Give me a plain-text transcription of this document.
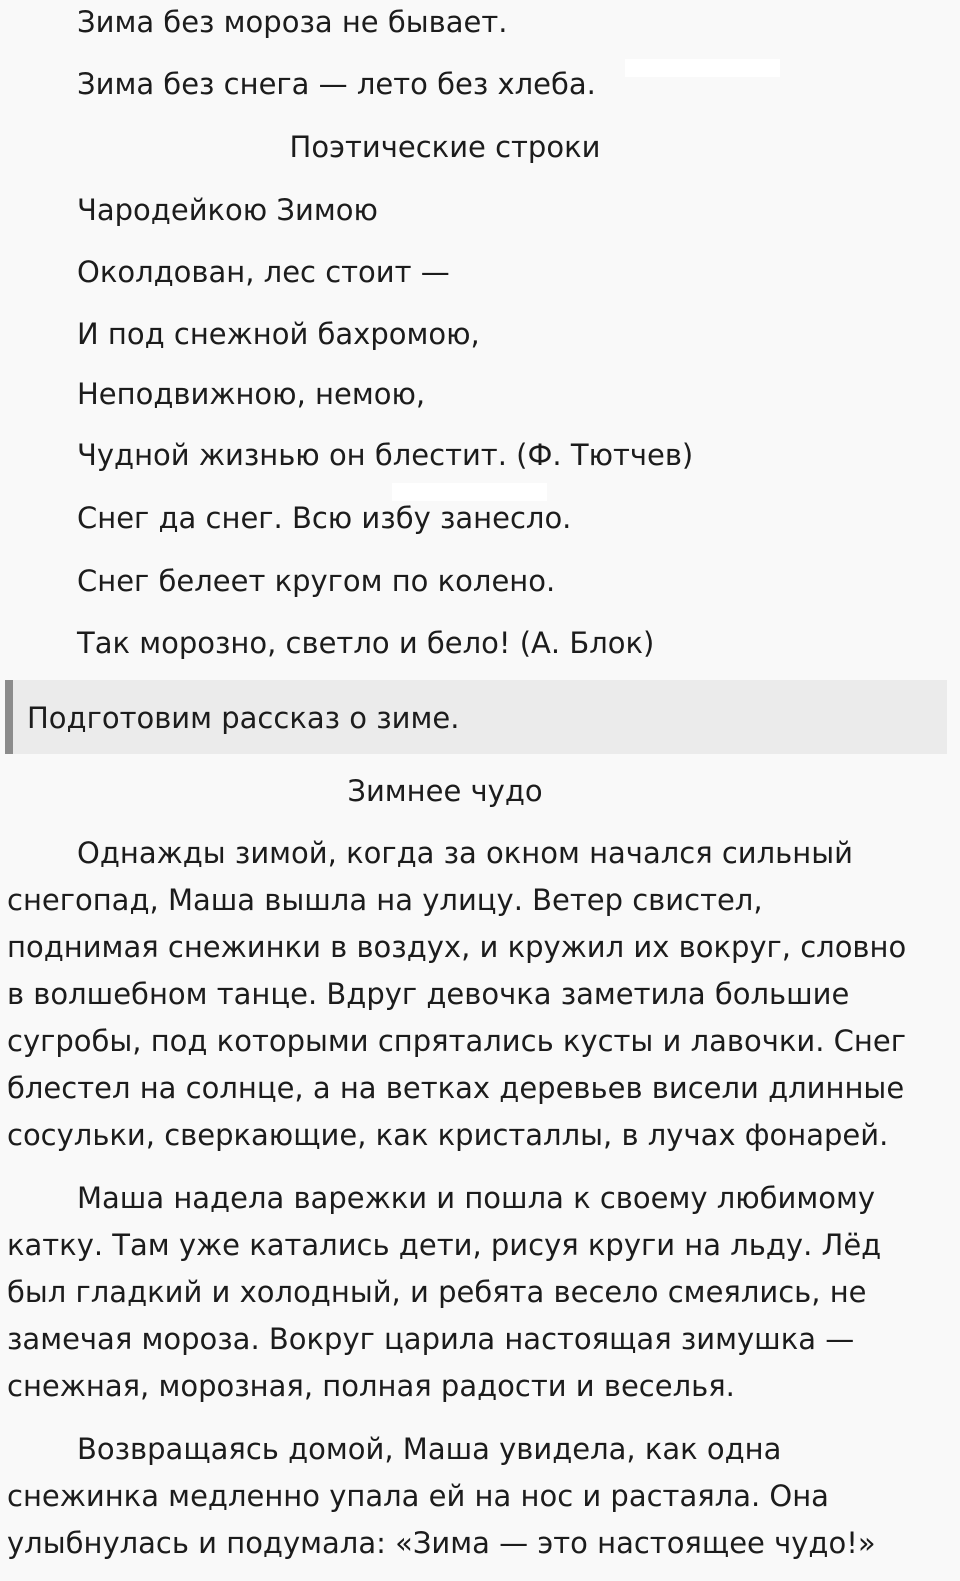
Зима без мороза не бывает.
Зима без снега — лето без хлеба.
Поэтические строки
Чародейкою Зимою
Околдован, лес стоит —
И под снежной бахромою,
Неподвижною, немою,
Чудной жизнью он блестит. (Ф. Тютчев)
Снег да снег. Всю избу занесло.
Снег белеет кругом по колено.
Так морозно, светло и бело! (А. Блок)
Подготовим рассказ о зиме.
Зимнее чудо
Однажды зимой, когда за окном начался сильный
снегопад, Маша вышла на улицу. Ветер свистел,
поднимая снежинки в воздух, и кружил их вокруг, словно
в волшебном танце. Вдруг девочка заметила большие
сугробы, под которыми спрятались кусты и лавочки. Снег
блестел на солнце, а на ветках деревьев висели длинные
сосульки, сверкающие, как кристаллы, в лучах фонарей.
Маша надела варежки и пошла к своему любимому
катку. Там уже катались дети, рисуя круги на льду. Лёд
был гладкий и холодный, и ребята весело смеялись, не
замечая мороза. Вокруг царила настоящая зимушка —
снежная, морозная, полная радости и веселья.
Возвращаясь домой, Маша увидела, как одна
снежинка медленно упала ей на нос и растаяла. Она
улыбнулась и подумала: «Зима — это настоящее чудо!»
